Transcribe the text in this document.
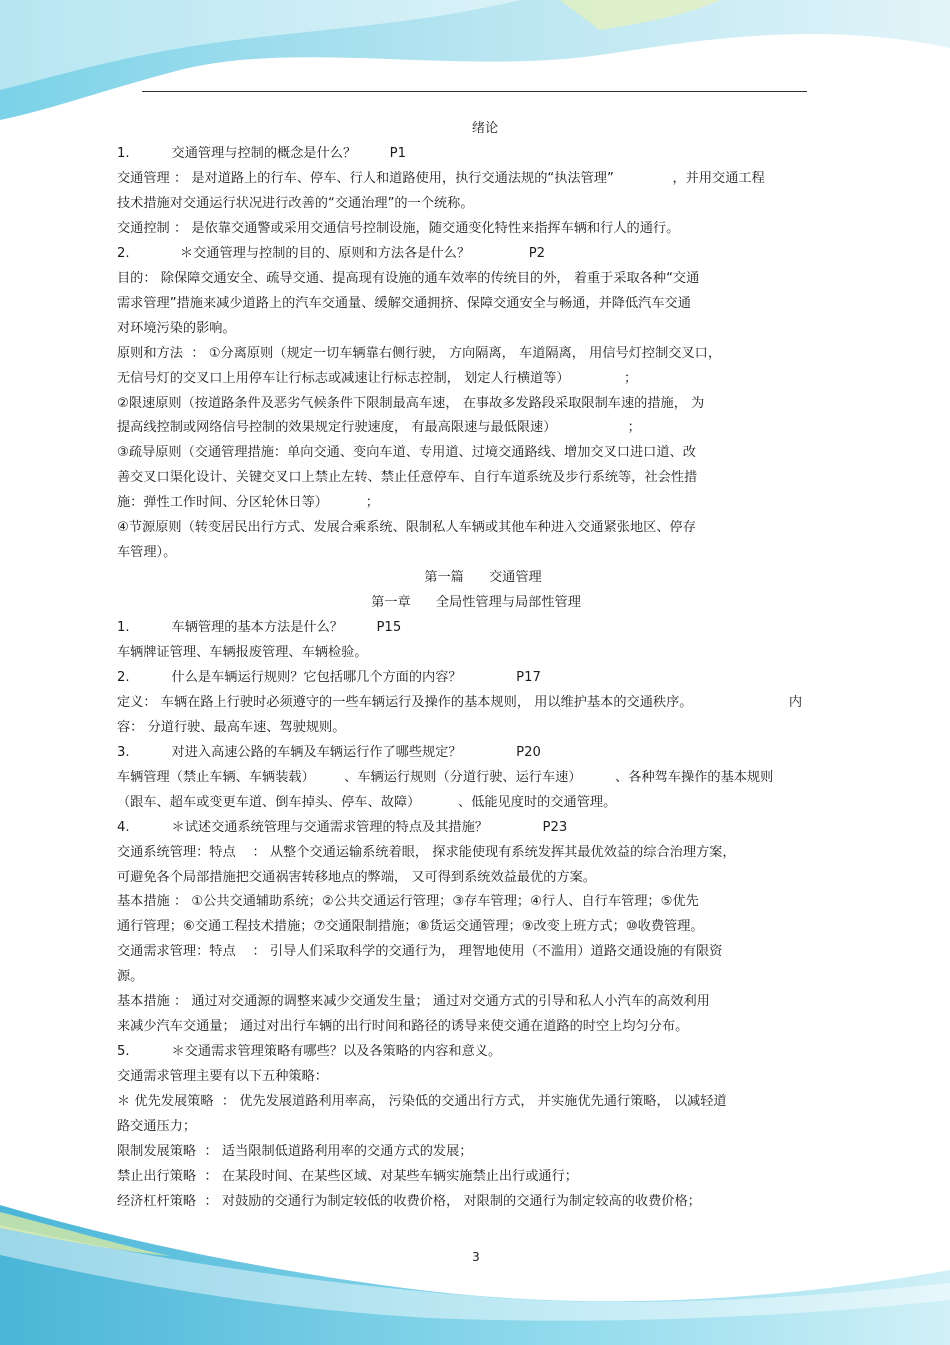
绪论
1.          交通管理与控制的概念是什么？        P1
交通管理 ： 是对道路上的行车、停车、行人和道路使用，执行交通法规的“执法管理”              ，并用交通工程
技术措施对交通运行状况进行改善的“交通治理”的一个统称。
交通控制 ： 是依靠交通警或采用交通信号控制设施，随交通变化特性来指挥车辆和行人的通行。
2.            ＊交通管理与控制的目的、原则和方法各是什么？              P2
目的： 除保障交通安全、疏导交通、提高现有设施的通车效率的传统目的外， 着重于采取各种“交通
需求管理”措施来减少道路上的汽车交通量、缓解交通拥挤、保障交通安全与畅通，并降低汽车交通
对环境污染的影响。
原则和方法  ： ①分离原则（规定一切车辆靠右侧行驶， 方向隔离， 车道隔离， 用信号灯控制交叉口，
无信号灯的交叉口上用停车让行标志或减速让行标志控制， 划定人行横道等）             ；
②限速原则（按道路条件及恶劣气候条件下限制最高车速， 在事故多发路段采取限制车速的措施， 为
提高线控制或网络信号控制的效果规定行驶速度， 有最高限速与最低限速）                 ；
③疏导原则（交通管理措施：单向交通、变向车道、专用道、过境交通路线、增加交叉口进口道、改
善交叉口渠化设计、关键交叉口上禁止左转、禁止任意停车、自行车道系统及步行系统等，社会性措
施：弹性工作时间、分区轮休日等）         ；
④节源原则（转变居民出行方式、发展合乘系统、限制私人车辆或其他车种进入交通紧张地区、停存
车管理）。
第一篇      交通管理
第一章      全局性管理与局部性管理
1.          车辆管理的基本方法是什么？        P15
车辆牌证管理、车辆报废管理、车辆检验。
2.          什么是车辆运行规则？它包括哪几个方面的内容？             P17
定义： 车辆在路上行驶时必须遵守的一些车辆运行及操作的基本规则， 用以维护基本的交通秩序。                       内
容： 分道行驶、最高车速、驾驶规则。
3.          对进入高速公路的车辆及车辆运行作了哪些规定？             P20
车辆管理（禁止车辆、车辆装载）       、车辆运行规则（分道行驶、运行车速）        、各种驾车操作的基本规则
（跟车、超车或变更车道、倒车掉头、停车、故障）         、低能见度时的交通管理。
4.          ＊试述交通系统管理与交通需求管理的特点及其措施？             P23
交通系统管理：特点    ： 从整个交通运输系统着眼， 探求能使现有系统发挥其最优效益的综合治理方案，
可避免各个局部措施把交通祸害转移地点的弊端， 又可得到系统效益最优的方案。
基本措施 ： ①公共交通辅助系统；②公共交通运行管理；③存车管理；④行人、自行车管理；⑤优先
通行管理；⑥交通工程技术措施；⑦交通限制措施；⑧货运交通管理；⑨改变上班方式；⑩收费管理。
交通需求管理：特点    ： 引导人们采取科学的交通行为， 理智地使用（不滥用）道路交通设施的有限资
源。
基本措施 ： 通过对交通源的调整来减少交通发生量； 通过对交通方式的引导和私人小汽车的高效利用
来减少汽车交通量； 通过对出行车辆的出行时间和路径的诱导来使交通在道路的时空上均匀分布。
5.          ＊交通需求管理策略有哪些？以及各策略的内容和意义。
交通需求管理主要有以下五种策略：
＊ 优先发展策略  ： 优先发展道路利用率高， 污染低的交通出行方式， 并实施优先通行策略， 以减轻道
路交通压力；
限制发展策略  ： 适当限制低道路利用率的交通方式的发展；
禁止出行策略  ： 在某段时间、在某些区域、对某些车辆实施禁止出行或通行；
经济杠杆策略  ： 对鼓励的交通行为制定较低的收费价格， 对限制的交通行为制定较高的收费价格；
3
